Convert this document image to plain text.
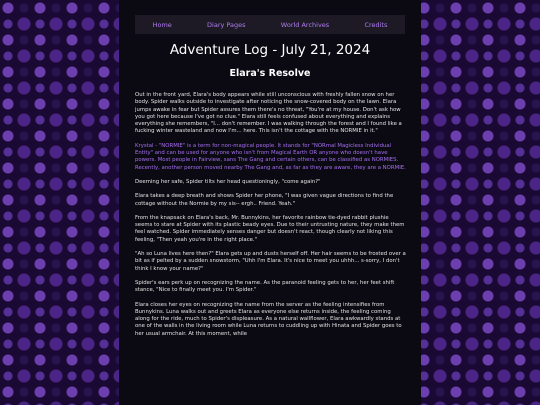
Home	Diary Pages	World Archives	Credits
Adventure Log - July 21, 2024
Elara's Resolve

Out in the front yard, Elara's body appears while still unconscious with freshly fallen snow on her body. Spider walks outside to investigate after noticing the snow-covered body on the lawn. Elara jumps awake in fear but Spider assures them there's no threat, "You're at my house. Don't ask how you got here because I've got no clue." Elara still feels confused about everything and explains everything she remembers, "I... don't remember. I was walking through the forest and I found like a fucking winter wasteland and now I'm... here. This isn't the cottage with the NORMIE in it."

Krystal - "NORMIE" is a term for non-magical people. It stands for "NORmal Magicless Individual Entity" and can be used for anyone who isn't from Magical Earth OR anyone who doesn't have powers. Most people in Fairview, sans The Gang and certain others, can be classified as NORMIES. Recently, another person moved nearby The Gang and, as far as they are aware, they are a NORMIE.

Deeming her safe, Spider tilts her head questioningly, "come again?"

Elara takes a deep breath and shows Spider her phone, "I was given vague directions to find the cottage without the Normie by my sis-- ergh.. Friend. Yeah."

From the knapsack on Elara's back, Mr. Bunnykins, her favorite rainbow tie-dyed rabbit plushie seems to stare at Spider with its plastic beady eyes. Due to their untrusting nature, they make them feel watched. Spider immediately senses danger but doesn't react, though clearly not liking this feeling, "Then yeah you're in the right place."

"Ah so Luna lives here then?" Elara gets up and dusts herself off. Her hair seems to be frosted over a bit as if pelted by a sudden snowstorm, "Uhh I'm Elara. It's nice to meet you uhhh... s-sorry, I don't think I know your name?"

Spider's ears perk up on recognizing the name. As the paranoid feeling gets to her, her feet shift stance, "Nice to finally meet you. I'm Spider."

Elara closes her eyes on recognizing the name from the server as the feeling intensifies from Bunnykins. Luna walks out and greets Elara as everyone else returns inside, the feeling coming along for the ride, much to Spider's displeasure. As a natural wallflower, Elara awkwardly stands at one of the walls in the living room while Luna returns to cuddling up with Hinata and Spider goes to her usual armchair. At this moment, while
